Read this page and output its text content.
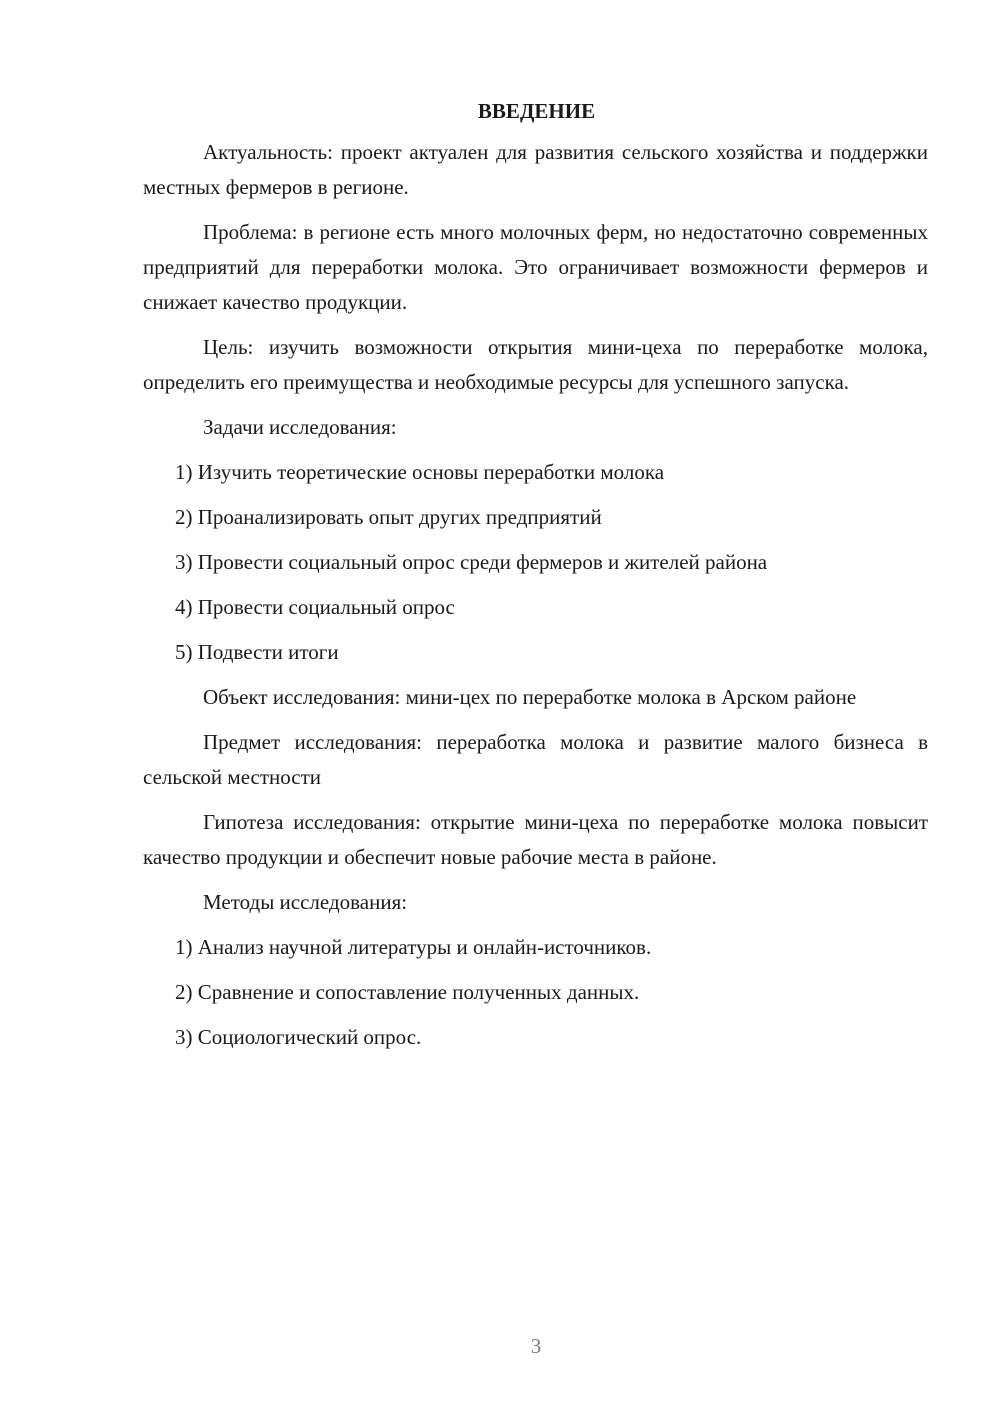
ВВЕДЕНИЕ

Актуальность: проект актуален для развития сельского хозяйства и поддержки местных фермеров в регионе.

Проблема: в регионе есть много молочных ферм, но недостаточно современных предприятий для переработки молока. Это ограничивает возможности фермеров и снижает качество продукции.

Цель: изучить возможности открытия мини-цеха по переработке молока, определить его преимущества и необходимые ресурсы для успешного запуска.

Задачи исследования:

1) Изучить теоретические основы переработки молока
2) Проанализировать опыт других предприятий
3) Провести социальный опрос среди фермеров и жителей района
4) Провести социальный опрос
5) Подвести итоги

Объект исследования: мини-цех по переработке молока в Арском районе

Предмет исследования: переработка молока и развитие малого бизнеса в сельской местности

Гипотеза исследования: открытие мини-цеха по переработке молока повысит качество продукции и обеспечит новые рабочие места в районе.

Методы исследования:

1) Анализ научной литературы и онлайн-источников.
2) Сравнение и сопоставление полученных данных.
3) Социологический опрос.
3
